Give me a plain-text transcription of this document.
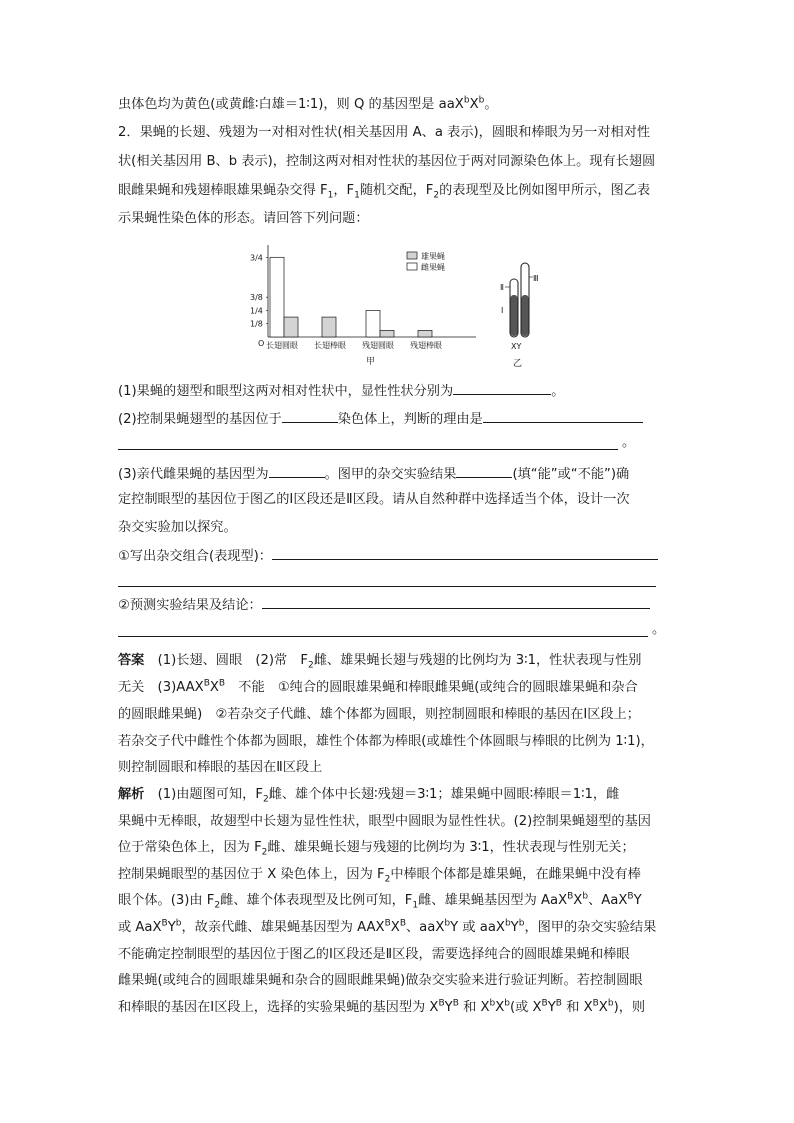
虫体色均为黄色(或黄雌∶白雄＝1∶1)，则 Q 的基因型是 $aaX^bX^b$。
2．果蝇的长翅、残翅为一对相对性状(相关基因用 A、a 表示)，圆眼和棒眼为另一对相对性
状(相关基因用 B、b 表示)，控制这两对相对性状的基因位于两对同源染色体上。现有长翅圆
眼雌果蝇和残翅棒眼雄果蝇杂交得 $F_1$，$F_1$随机交配，$F_2$的表现型及比例如图甲所示，图乙表
示果蝇性染色体的形态。请回答下列问题：
O
3/4
3/8
1/4
1/8
长翅圆眼 长翅棒眼 残翅圆眼 残翅棒眼
雄果蝇
雌果蝇
甲
Ⅱ
Ⅰ
Ⅲ
XY
乙
(1)果蝇的翅型和眼型这两对相对性状中，显性性状分别为	。
(2)控制果蝇翅型的基因位于	染色体上，判断的理由是
。
(3)亲代雌果蝇的基因型为	。图甲的杂交实验结果	(填“能”或“不能”)确
定控制眼型的基因位于图乙的Ⅰ区段还是Ⅱ区段。请从自然种群中选择适当个体，设计一次
杂交实验加以探究。
①写出杂交组合(表现型)：
②预测实验结果及结论：
。
答案　 (1)长翅、圆眼　(2)常　$F_2$雌、雄果蝇长翅与残翅的比例均为 3∶1，性状表现与性别
无关　$(3)AAX^BX^B$　 不能　①纯合的圆眼雄果蝇和棒眼雌果蝇(或纯合的圆眼雄果蝇和杂合
的圆眼雌果蝇)　②若杂交子代雌、雄个体都为圆眼，则控制圆眼和棒眼的基因在Ⅰ区段上；
若杂交子代中雌性个体都为圆眼，雄性个体都为棒眼(或雄性个体圆眼与棒眼的比例为 1∶1)，
则控制圆眼和棒眼的基因在Ⅱ区段上
解析　 (1)由题图可知，$F_2$雌、雄个体中长翅∶残翅＝3∶1；雄果蝇中圆眼∶棒眼＝1∶1，雌
果蝇中无棒眼，故翅型中长翅为显性性状，眼型中圆眼为显性性状。(2)控制果蝇翅型的基因
位于常染色体上，因为 $F_2$雌、雄果蝇长翅与残翅的比例均为 3∶1，性状表现与性别无关；
控制果蝇眼型的基因位于 X 染色体上，因为 $F_2$中棒眼个体都是雄果蝇，在雌果蝇中没有棒
眼个体。(3)由 $F_2$雌、雄个体表现型及比例可知，$F_1$雌、雄果蝇基因型为 $AaX^BX^b$、AaX$^B$Y
或 $AaX^BY^b$，故亲代雌、雄果蝇基因型为 $AAX^BX^B$、aaX$^b$Y 或 $aaX^bY^b$，图甲的杂交实验结果
不能确定控制眼型的基因位于图乙的Ⅰ区段还是Ⅱ区段，需要选择纯合的圆眼雄果蝇和棒眼
雌果蝇(或纯合的圆眼雄果蝇和杂合的圆眼雌果蝇)做杂交实验来进行验证判断。若控制圆眼
和棒眼的基因在Ⅰ区段上，选择的实验果蝇的基因型为 $X^BY^B$ 和 $X^bX^b$(或 $X^BY^B$ 和 $X^BX^b$)，则
